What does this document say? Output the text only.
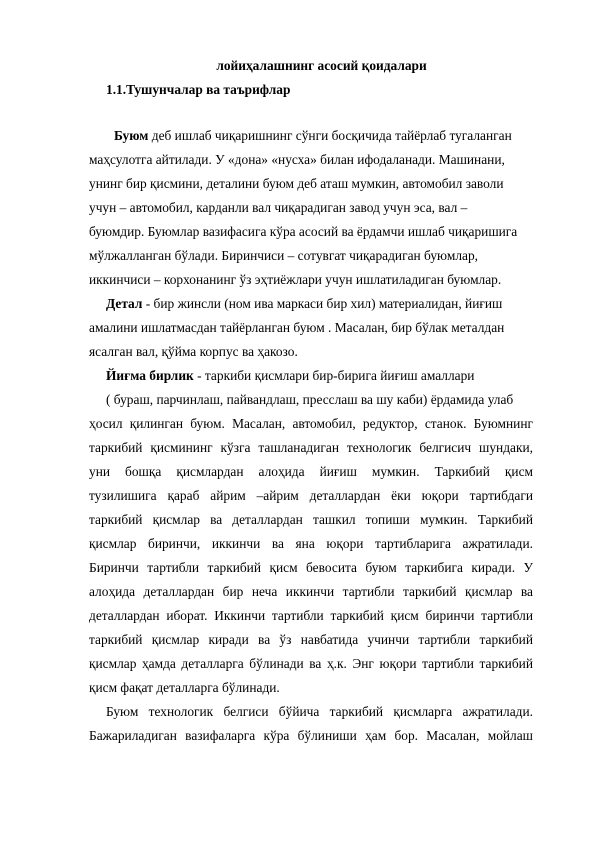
лойиҳалашнинг асосий қоидалари
1.1.Тушунчалар ва таърифлар
Буюм деб ишлаб чиқаришнинг сўнги босқичида тайёрлаб тугаланган
маҳсулотга айтилади. У «дона» «нусха» билан ифодаланади. Машинани,
унинг бир қисмини, деталини буюм деб аташ мумкин, автомобил заволи
учун – автомобил, карданли вал чиқарадиган завод учун эса, вал –
буюмдир. Буюмлар вазифасига кўра асосий ва ёрдамчи ишлаб чиқаришига
мўлжалланган бўлади. Биринчиси – сотувгат чиқарадиган буюмлар,
иккинчиси – корхонанинг ўз эҳтиёжлари учун ишлатиладиган буюмлар.
Детал - бир жинсли (ном ива маркаси бир хил) материалидан, йиғиш
амалини ишлатмасдан тайёрланган буюм . Масалан, бир бўлак металдан
ясалган вал, қўйма корпус ва ҳакозо.
Йиғма бирлик - таркиби қисмлари бир-бирига йиғиш амаллари
( бураш, парчинлаш, пайвандлаш, пресслаш ва шу каби) ёрдамида улаб
ҳосил қилинган буюм. Масалан, автомобил, редуктор, станок. Буюмнинг
таркибий қисмининг кўзга ташланадиган технологик белгисич шундаки,
уни бошқа қисмлардан алоҳида йиғиш мумкин. Таркибий қисм
тузилишига қараб айрим –айрим деталлардан ёки юқори тартибдаги
таркибий қисмлар ва деталлардан ташкил топиши мумкин. Таркибий
қисмлар биринчи, иккинчи ва яна юқори тартибларига ажратилади.
Биринчи тартибли таркибий қисм бевосита буюм таркибига киради. У
алоҳида деталлардан бир неча иккинчи тартибли таркибий қисмлар ва
деталлардан иборат. Иккинчи тартибли таркибий қисм биринчи тартибли
таркибий қисмлар киради ва ўз навбатида учинчи тартибли таркибий
қисмлар ҳамда деталларга бўлинади ва ҳ.к. Энг юқори тартибли таркибий
қисм фақат деталларга бўлинади.
Буюм технологик белгиси бўйича таркибий қисмларга ажратилади.
Бажариладиган вазифаларга кўра бўлиниши ҳам бор. Масалан, мойлаш
